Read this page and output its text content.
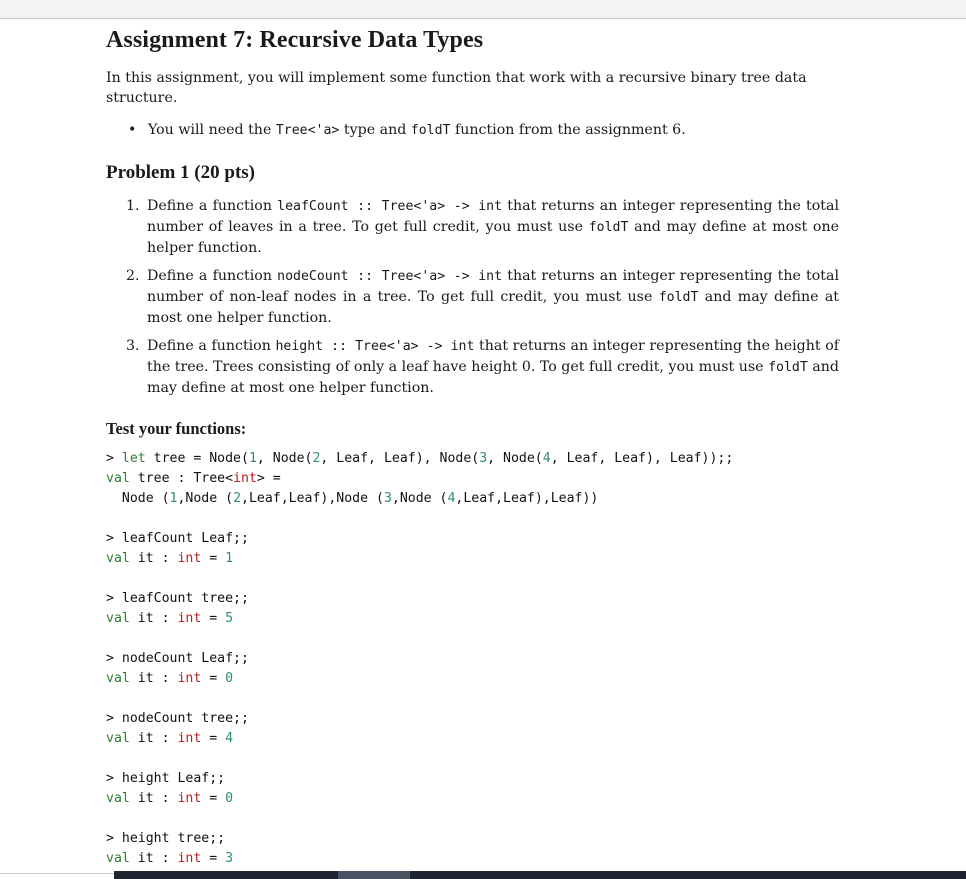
Assignment 7: Recursive Data Types
In this assignment, you will implement some function that work with a recursive binary tree data structure.
• You will need the Tree<'a> type and foldT function from the assignment 6.
Problem 1 (20 pts)
1. Define a function leafCount :: Tree<'a> -> int that returns an integer representing the total number of leaves in a tree. To get full credit, you must use foldT and may define at most one helper function.
2. Define a function nodeCount :: Tree<'a> -> int that returns an integer representing the total number of non-leaf nodes in a tree. To get full credit, you must use foldT and may define at most one helper function.
3. Define a function height :: Tree<'a> -> int that returns an integer representing the height of the tree. Trees consisting of only a leaf have height 0. To get full credit, you must use foldT and may define at most one helper function.
Test your functions:
> let tree = Node(1, Node(2, Leaf, Leaf), Node(3, Node(4, Leaf, Leaf), Leaf));;
val tree : Tree<int> =
Node (1,Node (2,Leaf,Leaf),Node (3,Node (4,Leaf,Leaf),Leaf))
> leafCount Leaf;;
val it : int = 1
> leafCount tree;;
val it : int = 5
> nodeCount Leaf;;
val it : int = 0
> nodeCount tree;;
val it : int = 4
> height Leaf;;
val it : int = 0
> height tree;;
val it : int = 3
